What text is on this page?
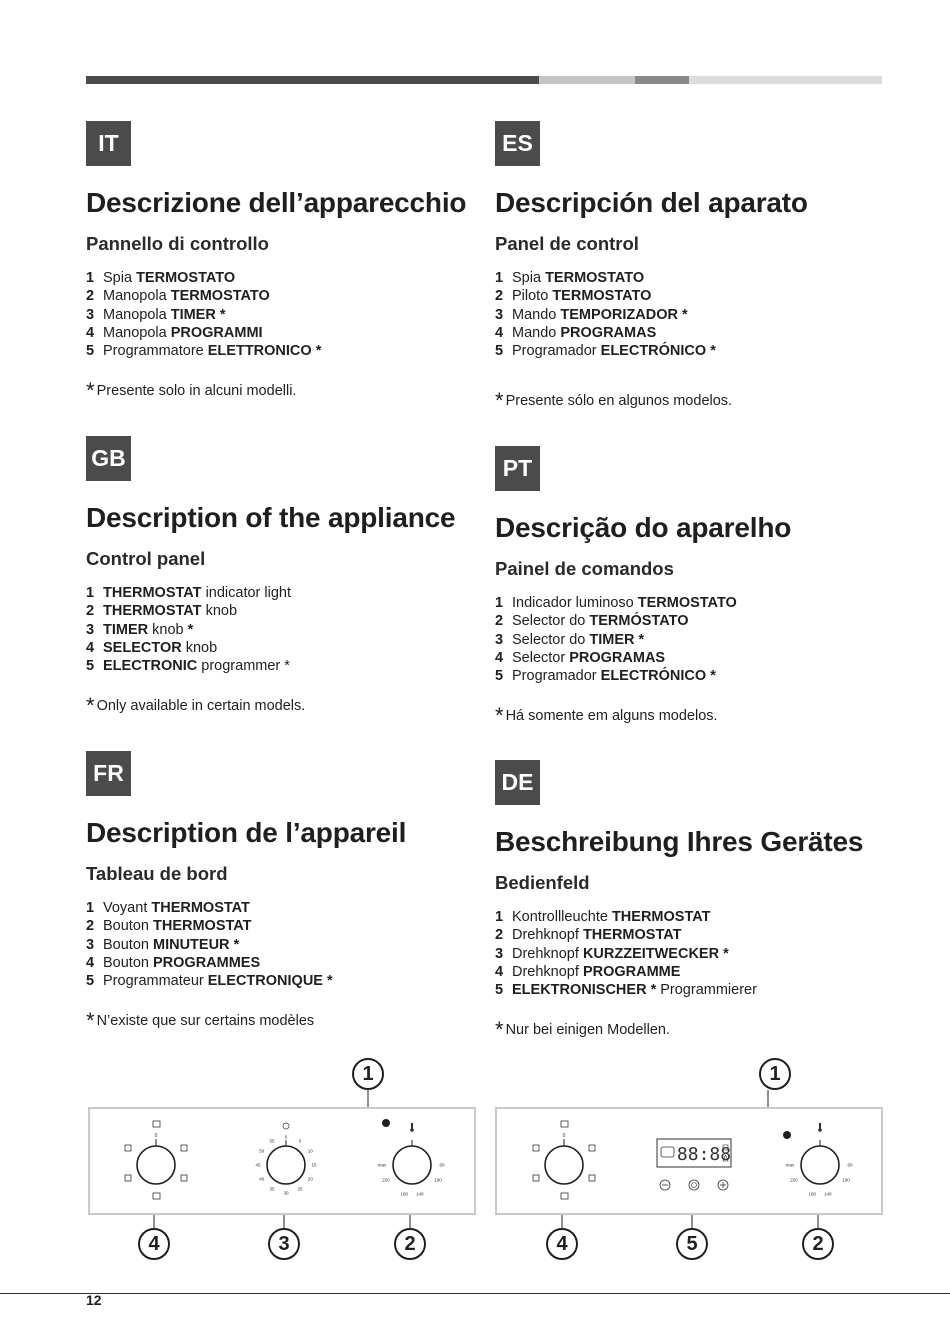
IT
Descrizione dell’apparecchio
Pannello di controllo
1 Spia TERMOSTATO
2 Manopola TERMOSTATO
3 Manopola TIMER *
4 Manopola PROGRAMMI
5 Programmatore ELETTRONICO *
* Presente solo in alcuni modelli.
ES
Descripción del aparato
Panel de control
1 Spia TERMOSTATO
2 Piloto TERMOSTATO
3 Mando TEMPORIZADOR *
4 Mando PROGRAMAS
5 Programador ELECTRÓNICO *
* Presente sólo en algunos modelos.
GB
Description of the appliance
Control panel
1 THERMOSTAT indicator light
2 THERMOSTAT knob
3 TIMER knob *
4 SELECTOR knob
5 ELECTRONIC programmer *
* Only available in certain models.
PT
Descrição do aparelho
Painel de comandos
1 Indicador luminoso TERMOSTATO
2 Selector do TERMÓSTATO
3 Selector do TIMER *
4 Selector PROGRAMAS
5 Programador ELECTRÓNICO *
* Há somente em alguns modelos.
FR
Description de l’appareil
Tableau de bord
1 Voyant THERMOSTAT
2 Bouton THERMOSTAT
3 Bouton MINUTEUR *
4 Bouton PROGRAMMES
5 Programmateur ELECTRONIQUE *
* N’existe que sur certains modèles
DE
Beschreibung Ihres Gerätes
Bedienfeld
1 Kontrollleuchte THERMOSTAT
2 Drehknopf THERMOSTAT
3 Drehknopf KURZZEITWECKER *
4 Drehknopf PROGRAMME
5 ELEKTRONISCHER * Programmierer
* Nur bei einigen Modellen.
0
55
0
5
50	10
45	15
40	20
35
30
25
max	60
220	100
180 140
1
4	3	2
0
88:88	max	60
220	100
180 140
1
4	5	2
12
